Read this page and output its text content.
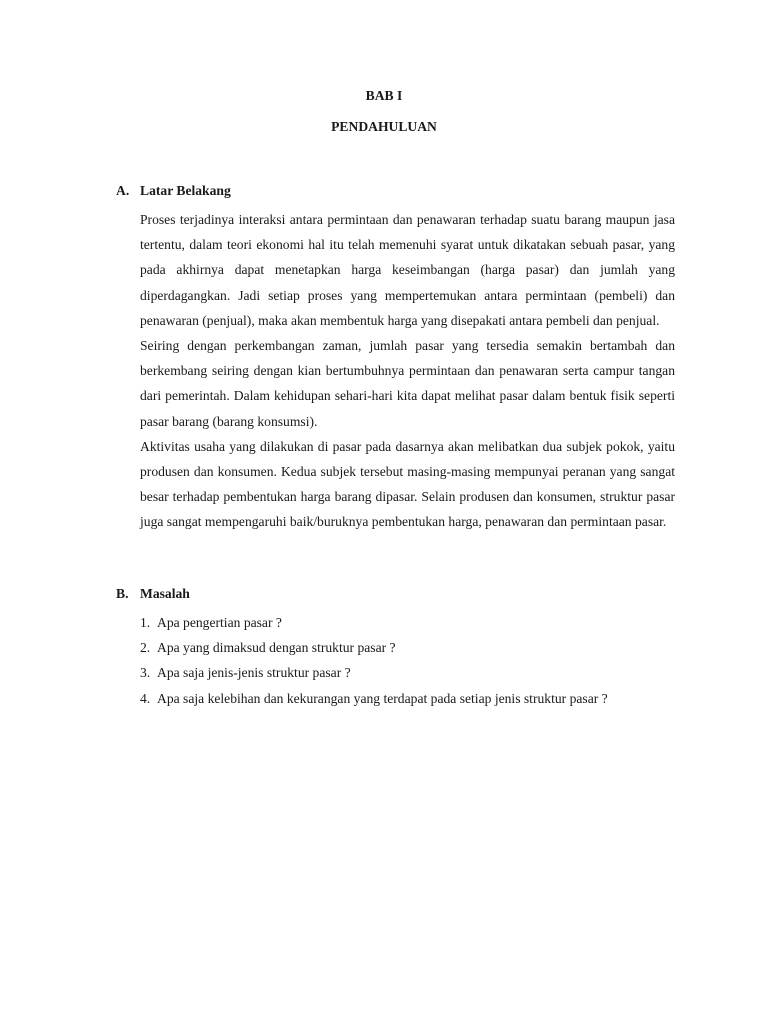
BAB I
PENDAHULUAN
A. Latar Belakang

Proses terjadinya interaksi antara permintaan dan penawaran terhadap suatu barang maupun jasa tertentu, dalam teori ekonomi hal itu telah memenuhi syarat untuk dikatakan sebuah pasar, yang pada akhirnya dapat menetapkan harga keseimbangan (harga pasar) dan jumlah yang diperdagangkan. Jadi setiap proses yang mempertemukan antara permintaan (pembeli) dan penawaran (penjual), maka akan membentuk harga yang disepakati antara pembeli dan penjual.

Seiring dengan perkembangan zaman, jumlah pasar yang tersedia semakin bertambah dan berkembang seiring dengan kian bertumbuhnya permintaan dan penawaran serta campur tangan dari pemerintah. Dalam kehidupan sehari-hari kita dapat melihat pasar dalam bentuk fisik seperti pasar barang (barang konsumsi).

Aktivitas usaha yang dilakukan di pasar pada dasarnya akan melibatkan dua subjek pokok, yaitu produsen dan konsumen. Kedua subjek tersebut masing-masing mempunyai peranan yang sangat besar terhadap pembentukan harga barang dipasar. Selain produsen dan konsumen, struktur pasar juga sangat mempengaruhi baik/buruknya pembentukan harga, penawaran dan permintaan pasar.

B. Masalah
1. Apa pengertian pasar ?
2. Apa yang dimaksud dengan struktur pasar ?
3. Apa saja jenis-jenis struktur pasar ?
4. Apa saja kelebihan dan kekurangan yang terdapat pada setiap jenis struktur pasar ?
